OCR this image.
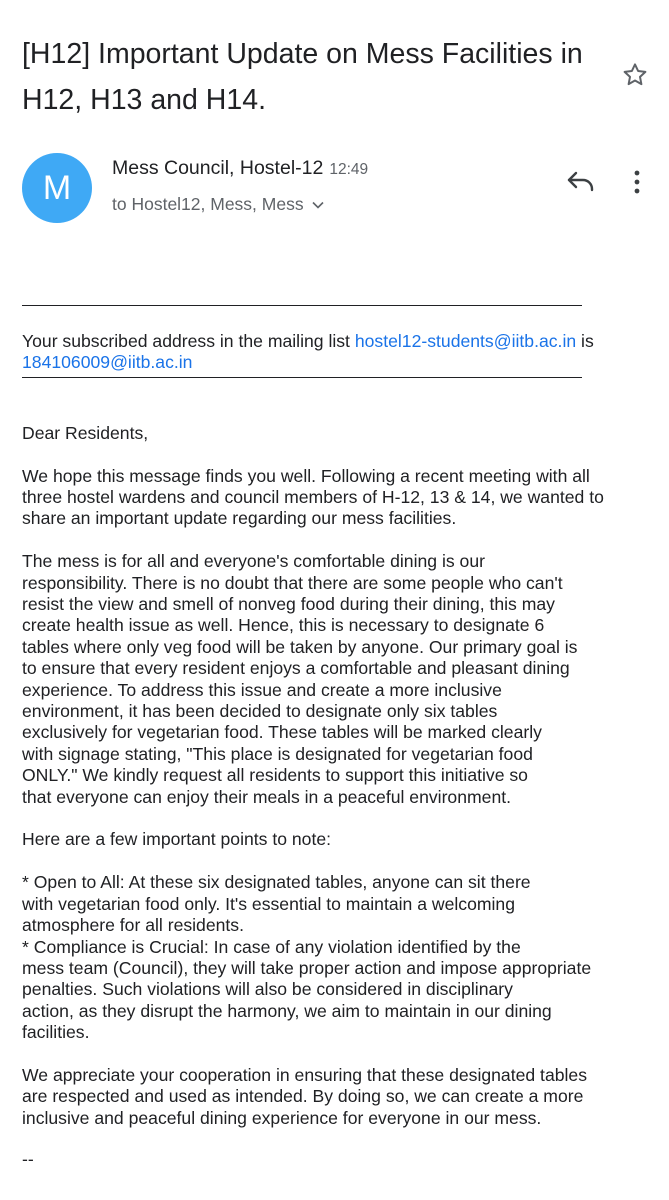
[H12] Important Update on Mess Facilities in H12, H13 and H14.
M
Mess Council, Hostel-12 12:49
to Hostel12, Mess, Mess
Your subscribed address in the mailing list hostel12-students@iitb.ac.in is
184106009@iitb.ac.in

Dear Residents,

We hope this message finds you well. Following a recent meeting with all
three hostel wardens and council members of H-12, 13 & 14, we wanted to
share an important update regarding our mess facilities.

The mess is for all and everyone's comfortable dining is our
responsibility. There is no doubt that there are some people who can't
resist the view and smell of nonveg food during their dining, this may
create health issue as well. Hence, this is necessary to designate 6
tables where only veg food will be taken by anyone. Our primary goal is
to ensure that every resident enjoys a comfortable and pleasant dining
experience. To address this issue and create a more inclusive
environment, it has been decided to designate only six tables
exclusively for vegetarian food. These tables will be marked clearly
with signage stating, "This place is designated for vegetarian food
ONLY." We kindly request all residents to support this initiative so
that everyone can enjoy their meals in a peaceful environment.

Here are a few important points to note:

* Open to All: At these six designated tables, anyone can sit there
with vegetarian food only. It's essential to maintain a welcoming
atmosphere for all residents.
* Compliance is Crucial: In case of any violation identified by the
mess team (Council), they will take proper action and impose appropriate
penalties. Such violations will also be considered in disciplinary
action, as they disrupt the harmony, we aim to maintain in our dining
facilities.

We appreciate your cooperation in ensuring that these designated tables
are respected and used as intended. By doing so, we can create a more
inclusive and peaceful dining experience for everyone in our mess.

--
